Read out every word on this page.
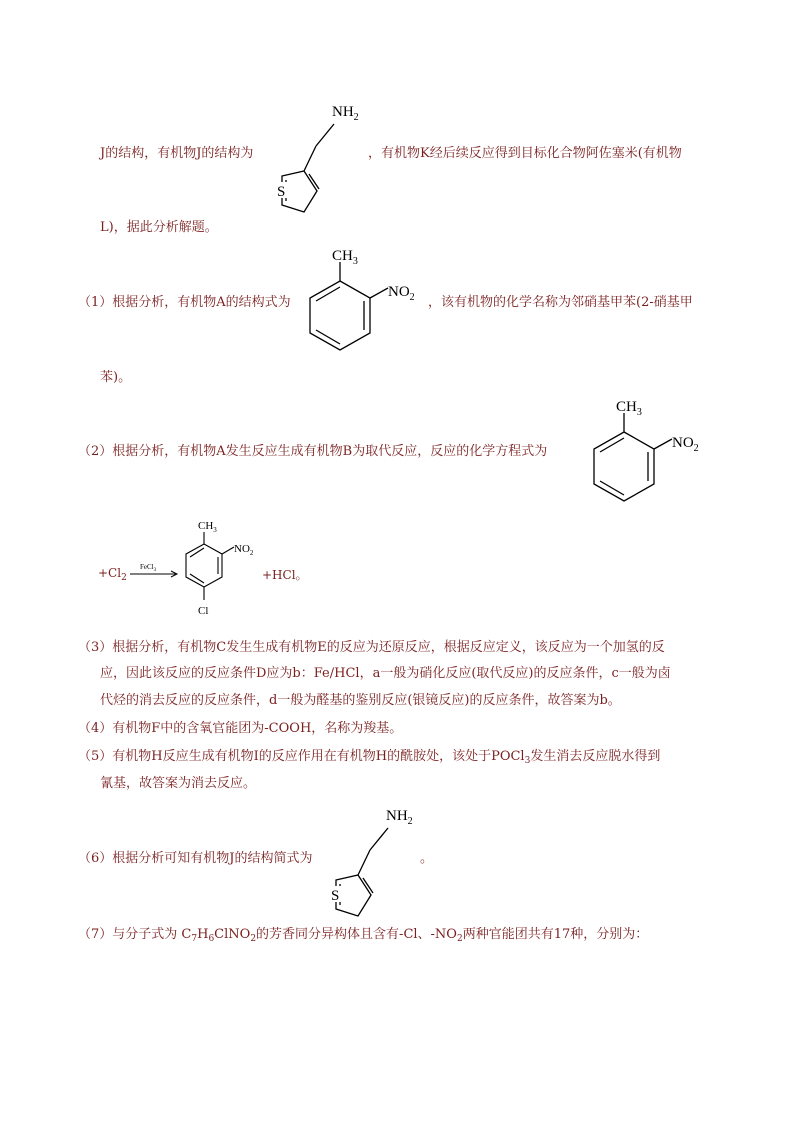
S
$NH_2$
J的结构，有机物J的结构为	，有机物K经后续反应得到目标化合物阿佐塞米(有机物
L)，据此分析解题。
$CH_3$
$NO_2$
（1）根据分析，有机物A的结构式为	，该有机物的化学名称为邻硝基甲苯(2-硝基甲
苯)。
（2）根据分析，有机物A发生反应生成有机物B为取代反应，反应的化学方程式为
$CH_3$
$NO_2$
$+Cl_2$
FeCl$_3$
$CH_3$
$NO_2$
Cl
+HCl。
（3）根据分析，有机物C发生生成有机物E的反应为还原反应，根据反应定义，该反应为一个加氢的反
应，因此该反应的反应条件D应为b：Fe/HCl，a一般为硝化反应(取代反应)的反应条件，c一般为卤
代烃的消去反应的反应条件，d一般为醛基的鉴别反应(银镜反应)的反应条件，故答案为b。
（4）有机物F中的含氧官能团为-COOH，名称为羧基。
（5）有机物H反应生成有机物I的反应作用在有机物H的酰胺处，该处于POCl$_3$发生消去反应脱水得到
氰基，故答案为消去反应。
S
$NH_2$
（6）根据分析可知有机物J的结构简式为	。
（7）与分子式为 $C_7H_6ClNO_2$的芳香同分异构体且含有-Cl、$-NO_2$两种官能团共有17种，分别为：
